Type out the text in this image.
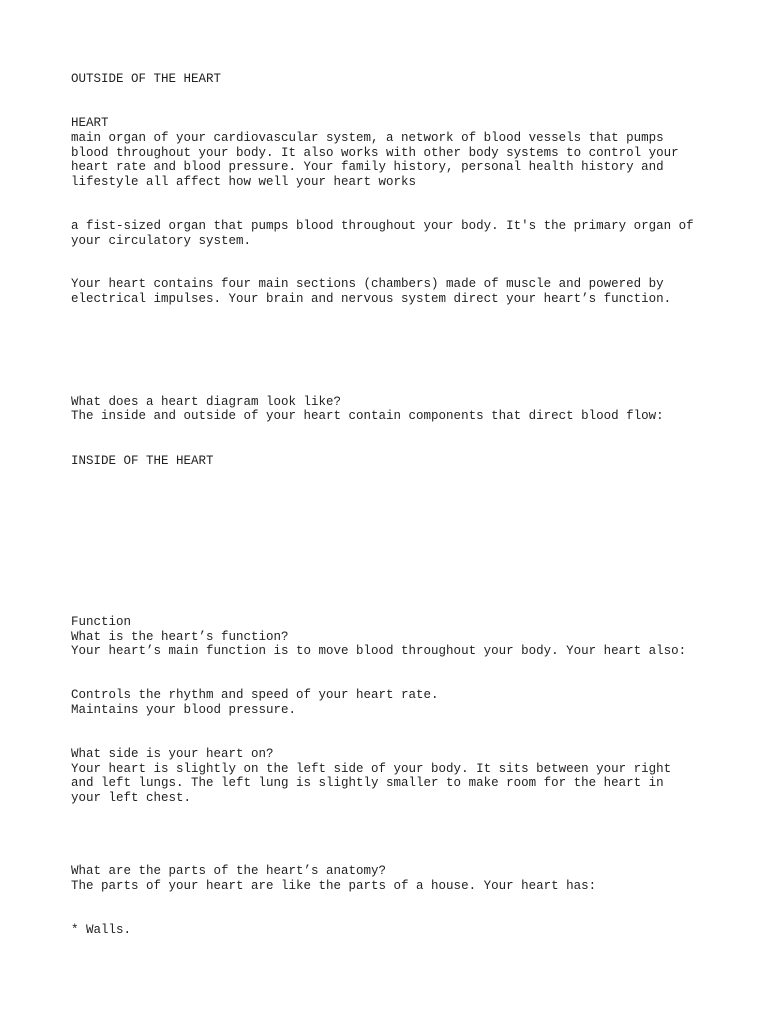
OUTSIDE OF THE HEART

HEART

main organ of your cardiovascular system, a network of blood vessels that pumps

blood throughout your body. It also works with other body systems to control your

heart rate and blood pressure. Your family history, personal health history and

lifestyle all affect how well your heart works

a fist-sized organ that pumps blood throughout your body. It's the primary organ of

your circulatory system.

Your heart contains four main sections (chambers) made of muscle and powered by

electrical impulses. Your brain and nervous system direct your heart’s function.

What does a heart diagram look like?

The inside and outside of your heart contain components that direct blood flow:

INSIDE OF THE HEART

Function

What is the heart’s function?

Your heart’s main function is to move blood throughout your body. Your heart also:

Controls the rhythm and speed of your heart rate.

Maintains your blood pressure.

What side is your heart on?

Your heart is slightly on the left side of your body. It sits between your right

and left lungs. The left lung is slightly smaller to make room for the heart in

your left chest.

What are the parts of the heart’s anatomy?

The parts of your heart are like the parts of a house. Your heart has:

* Walls.
